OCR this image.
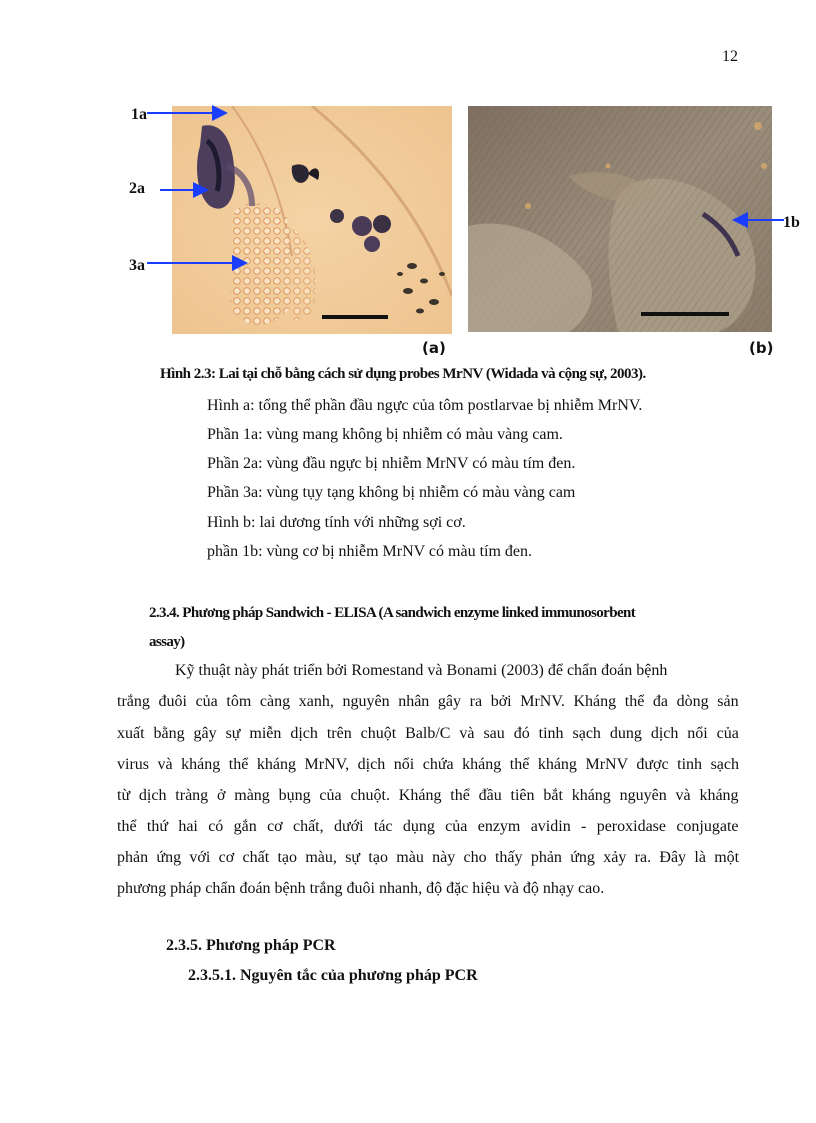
12
1a
2a
3a
1b
(a)	(b)
Hình 2.3: Lai tại chỗ bằng cách sử dụng probes MrNV (Widada và cộng sự, 2003).
Hình a: tổng thể phần đầu ngực của tôm postlarvae bị nhiễm MrNV.
Phần 1a: vùng mang không bị nhiễm có màu vàng cam.
Phần 2a: vùng đầu ngực bị nhiễm MrNV có màu tím đen.
Phần 3a: vùng tụy tạng không bị nhiễm có màu vàng cam
Hình b: lai dương tính với những sợi cơ.
phần 1b: vùng cơ bị nhiễm MrNV có màu tím đen.
2.3.4. Phương pháp Sandwich - ELISA (A sandwich enzyme linked immunosorbent
assay)
Kỹ thuật này phát triển bởi Romestand và Bonami (2003) để chẩn đoán bệnh
trắng đuôi của tôm càng xanh, nguyên nhân gây ra bởi MrNV. Kháng thể đa dòng sản
xuất bằng gây sự miễn dịch trên chuột Balb/C và sau đó tinh sạch dung dịch nổi của
virus và kháng thể kháng MrNV, dịch nổi chứa kháng thể kháng MrNV được tinh sạch
từ dịch tràng ở màng bụng của chuột. Kháng thể đầu tiên bắt kháng nguyên và kháng
thể thứ hai có gắn cơ chất, dưới tác dụng của enzym avidin - peroxidase conjugate
phản ứng với cơ chất tạo màu, sự tạo màu này cho thấy phản ứng xảy ra. Đây là một
phương pháp chẩn đoán bệnh trắng đuôi nhanh, độ đặc hiệu và độ nhạy cao.
2.3.5. Phương pháp PCR
2.3.5.1. Nguyên tắc của phương pháp PCR
